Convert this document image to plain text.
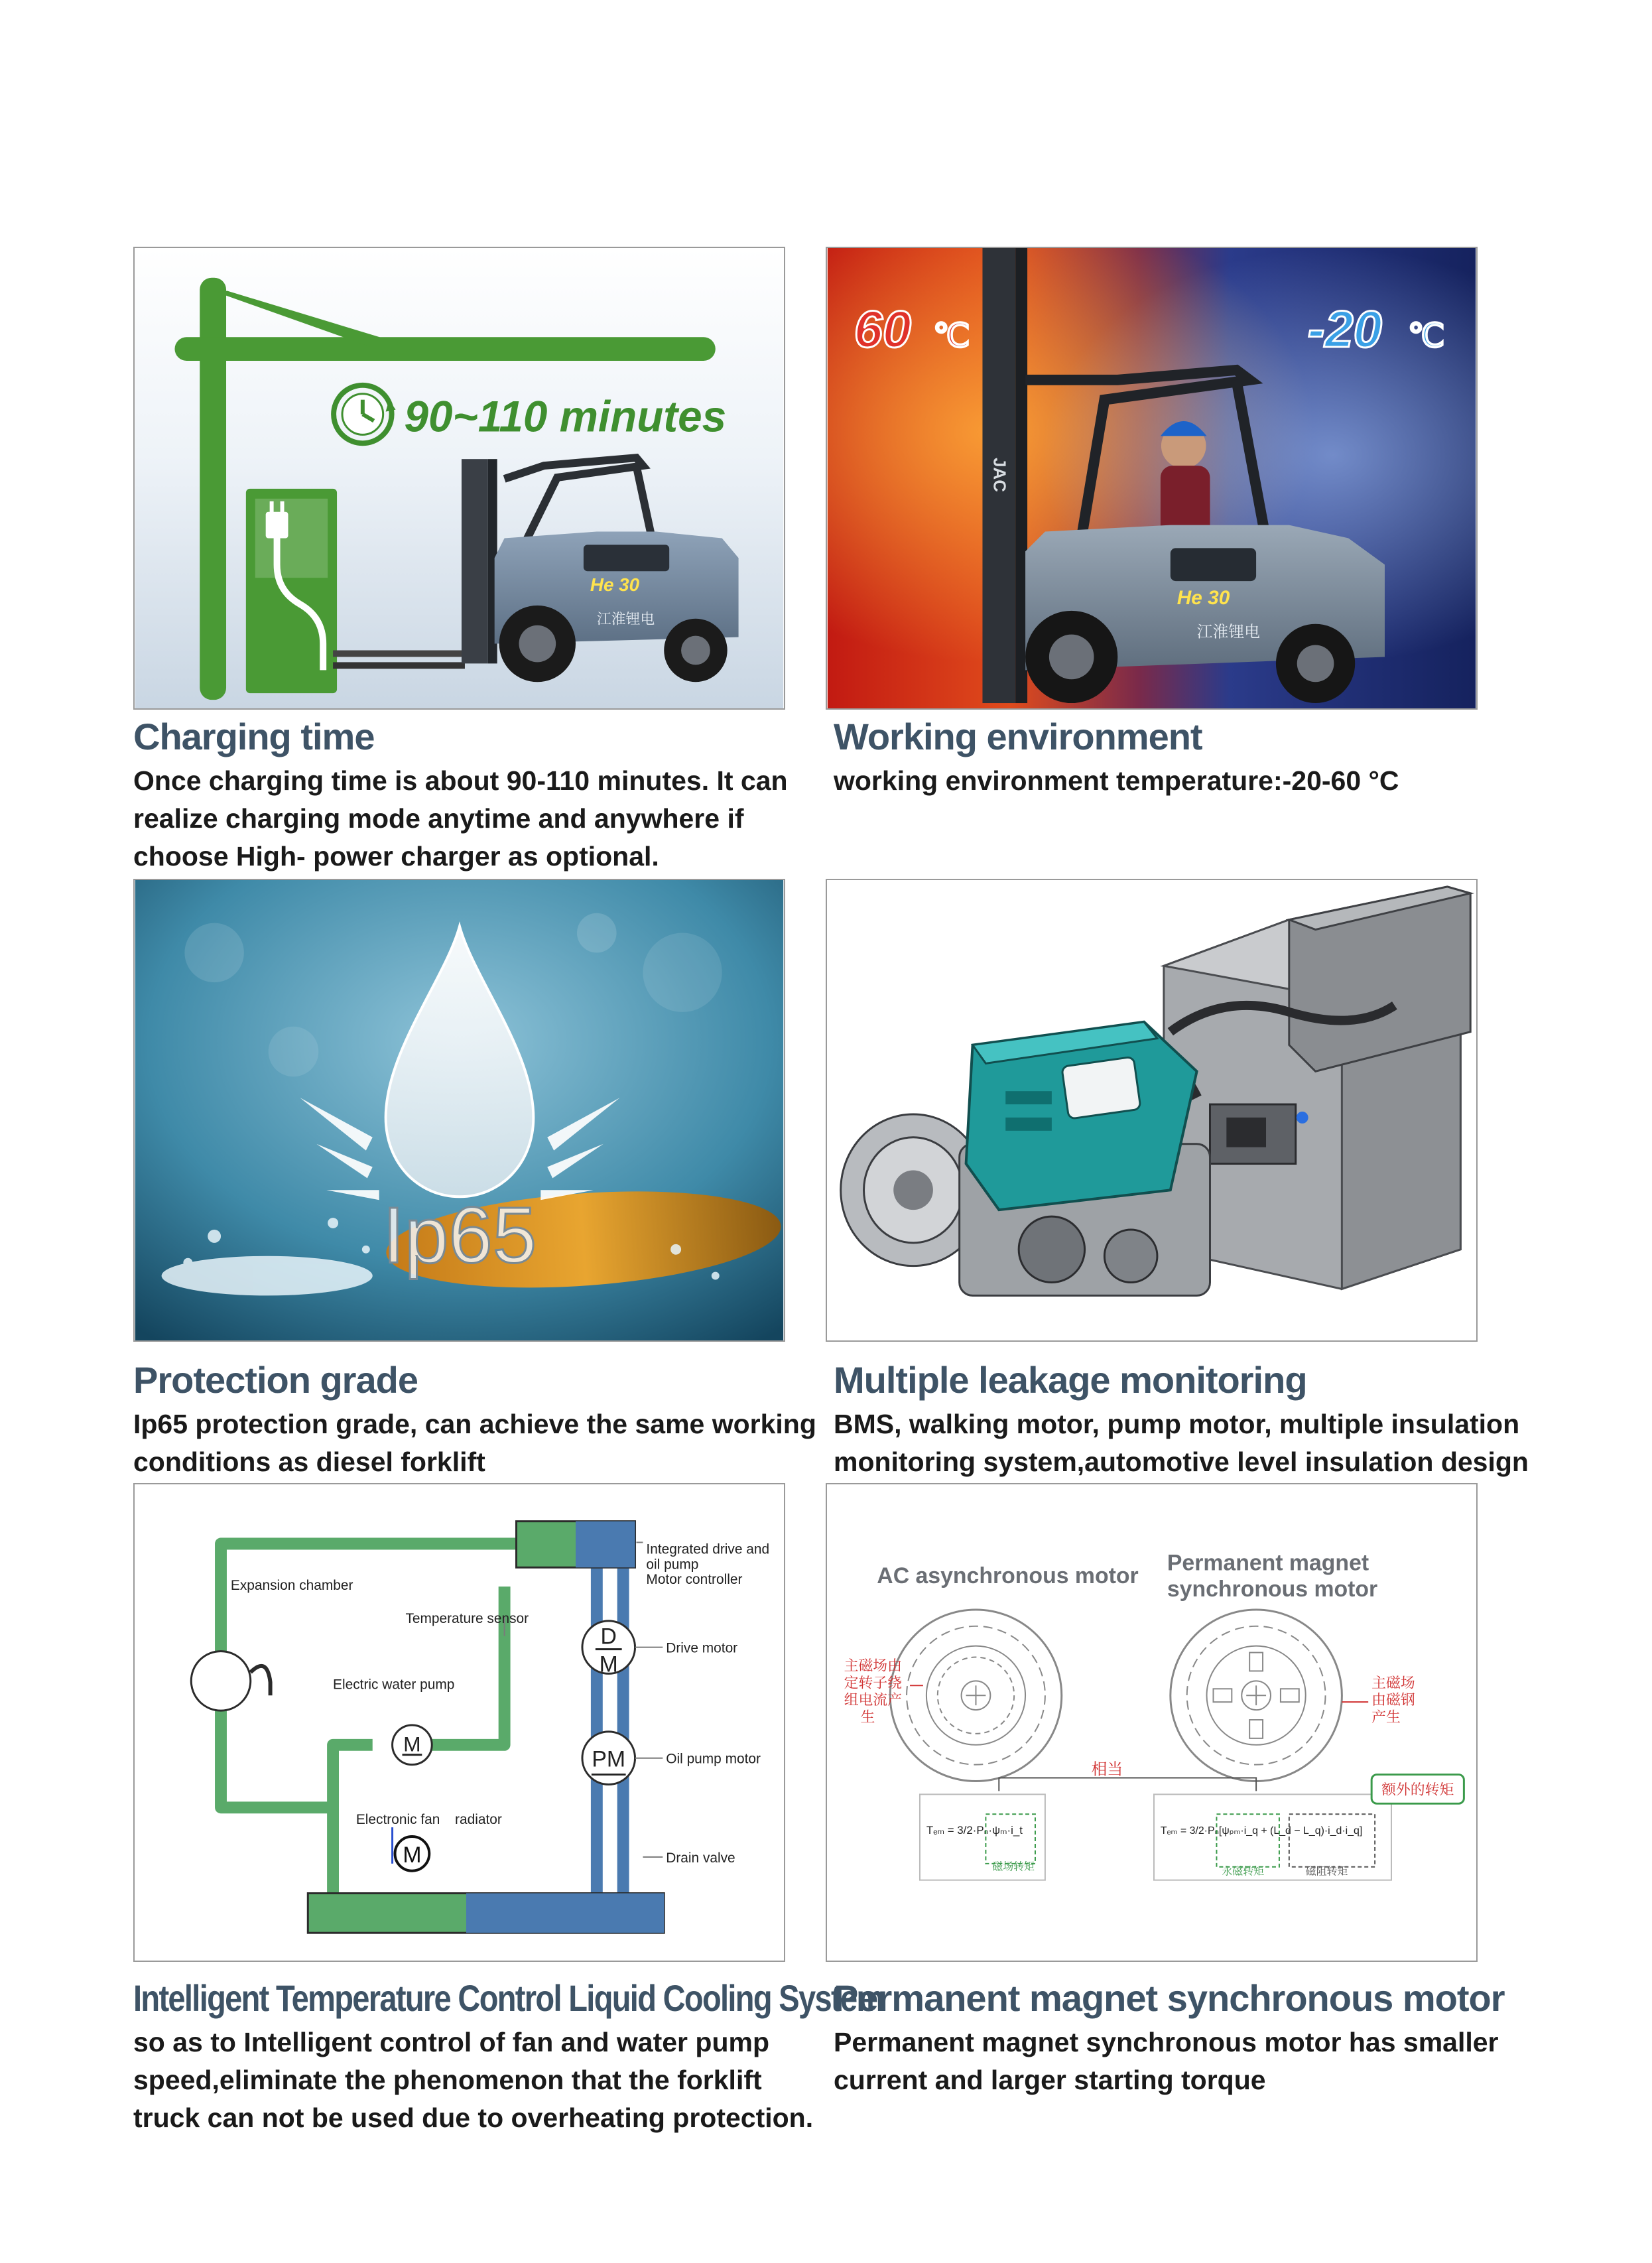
90~110 minutes
He 30
江淮锂电
Charging time

Once charging time is about 90-110 minutes. It can
realize charging mode anytime and anywhere if
choose High- power charger as optional.

60 ℃	-20 ℃
JAC
He 30
江淮锂电
Working environment

working environment temperature:-20-60 °C

Ip65
Protection grade

Ip65 protection grade, can achieve the same working
conditions as diesel forklift

Multiple leakage monitoring

BMS, walking motor, pump motor, multiple insulation
monitoring system,automotive level insulation design

M
D
M
PM
M
Expansion chamber
Temperature sensor
Electric water pump
Electronic fan radiator
Integrated drive and
oil pump
Motor controller
Drive motor
Oil pump motor
Drain valve
Intelligent Temperature Control Liquid Cooling System

so as to Intelligent control of fan and water pump
speed,eliminate the phenomenon that the forklift
truck can not be used due to overheating protection.

AC asynchronous motor
Permanent magnet
synchronous motor
主磁场由
定转子绕
组电流产
生
主磁场
由磁钢
产生
相当
Tₑₘ = 3/2·Pₙ·ψₘ·i_t
磁场转矩
Tₑₘ = 3/2·Pₙ[ψₚₘ·i_q + (L_d − L_q)·i_d·i_q]
永磁转矩	磁阻转矩
额外的转矩
Permanent magnet synchronous motor

Permanent magnet synchronous motor has smaller
current and larger starting torque
